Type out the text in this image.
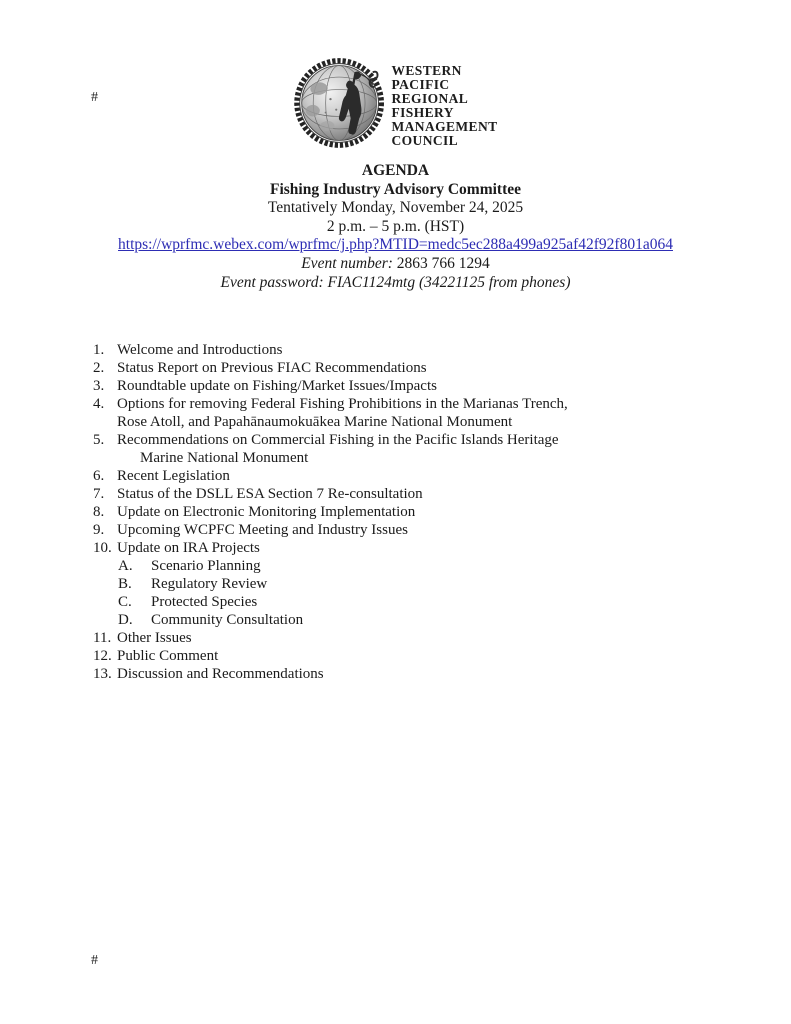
#
#
WESTERN
PACIFIC
REGIONAL
FISHERY
MANAGEMENT
COUNCIL
AGENDA
Fishing Industry Advisory Committee
Tentatively Monday, November 24, 2025
2 p.m. – 5 p.m. (HST)
https://wprfmc.webex.com/wprfmc/j.php?MTID=medc5ec288a499a925af42f92f801a064
Event number: 2863 766 1294
Event password: FIAC1124mtg (34221125 from phones)
1. Welcome and Introductions
2. Status Report on Previous FIAC Recommendations
3. Roundtable update on Fishing/Market Issues/Impacts
4. Options for removing Federal Fishing Prohibitions in the Marianas Trench,
Rose Atoll, and Papahānaumokuākea Marine National Monument
5. Recommendations on Commercial Fishing in the Pacific Islands Heritage
Marine National Monument
6. Recent Legislation
7. Status of the DSLL ESA Section 7 Re-consultation
8. Update on Electronic Monitoring Implementation
9. Upcoming WCPFC Meeting and Industry Issues
10. Update on IRA Projects
A.	Scenario Planning
B.	Regulatory Review
C.	Protected Species
D.	Community Consultation
11. Other Issues
12. Public Comment
13. Discussion and Recommendations
